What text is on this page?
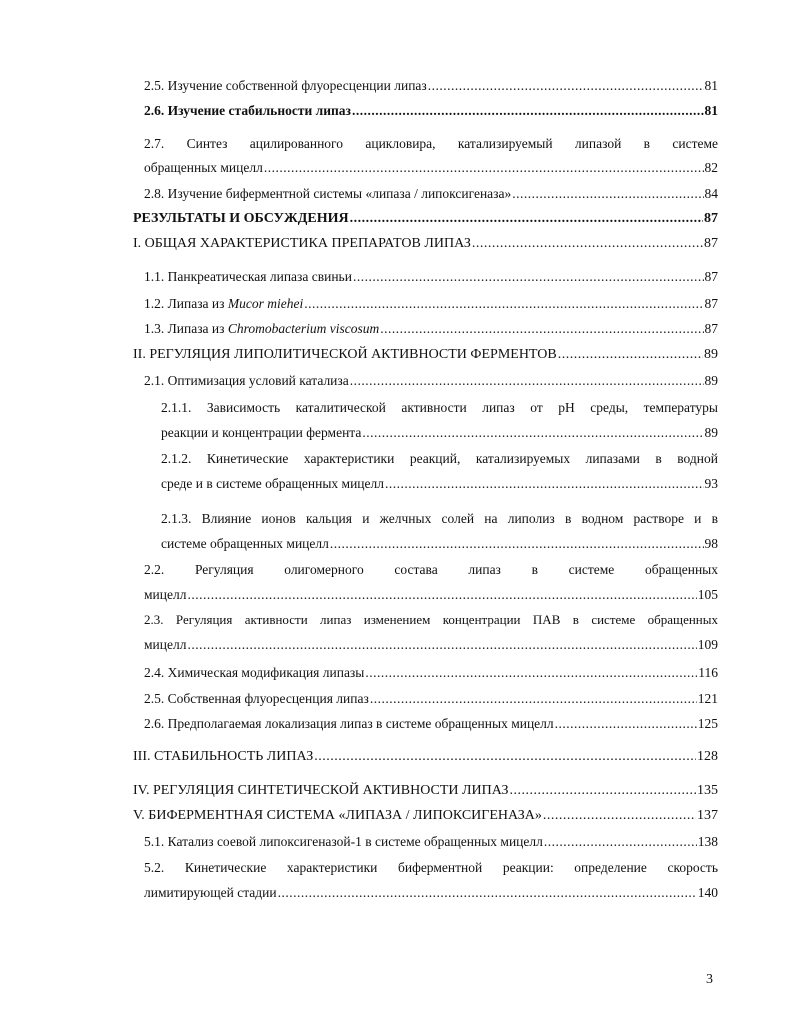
2.5. Изучение собственной флуоресценции липаз .....	81
2.6. Изучение стабильности липаз .....	81
2.7. Синтез ацилированного ацикловира, катализируемый липазой в системе
обращенных мицелл .....	82
2.8. Изучение биферментной системы «липаза / липоксигеназа» .....	84
РЕЗУЛЬТАТЫ И ОБСУЖДЕНИЯ .....	87
I. ОБЩАЯ ХАРАКТЕРИСТИКА ПРЕПАРАТОВ ЛИПАЗ .....	87
1.1. Панкреатическая липаза свиньи .....	87
1.2. Липаза из Mucor miehei .....	87
1.3. Липаза из Chromobacterium viscosum .....	87
II. РЕГУЛЯЦИЯ ЛИПОЛИТИЧЕСКОЙ АКТИВНОСТИ ФЕРМЕНТОВ .....	89
2.1. Оптимизация условий катализа .....	89
2.1.1. Зависимость каталитической активности липаз от pH среды, температуры
реакции и концентрации фермента .....	89
2.1.2. Кинетические характеристики реакций, катализируемых липазами в водной
среде и в системе обращенных мицелл .....	93
2.1.3. Влияние ионов кальция и желчных солей на липолиз в водном растворе и в
системе обращенных мицелл .....	98
2.2. Регуляция олигомерного состава липаз в системе обращенных
мицелл .....	105
2.3. Регуляция активности липаз изменением концентрации ПАВ в системе обращенных
мицелл .....	109
2.4. Химическая модификация липазы .....	116
2.5. Собственная флуоресценция липаз .....	121
2.6. Предполагаемая локализация липаз в системе обращенных мицелл .....	125
III. СТАБИЛЬНОСТЬ ЛИПАЗ .....	128
IV. РЕГУЛЯЦИЯ СИНТЕТИЧЕСКОЙ АКТИВНОСТИ ЛИПАЗ .....	135
V. БИФЕРМЕНТНАЯ СИСТЕМА «ЛИПАЗА / ЛИПОКСИГЕНАЗА» .....	137
5.1. Катализ соевой липоксигеназой-1 в системе обращенных мицелл .....	138
5.2. Кинетические характеристики биферментной реакции: определение скорость
лимитирующей стадии .....	140
3
